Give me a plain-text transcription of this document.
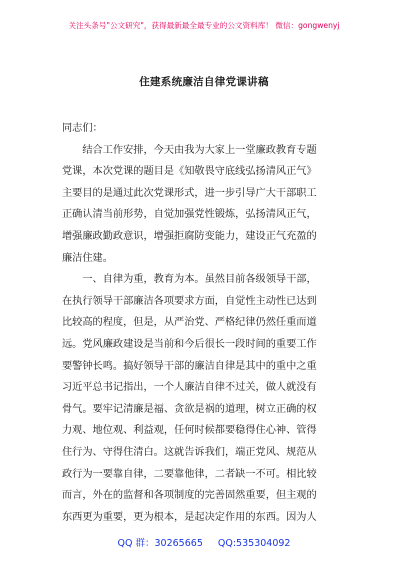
关注头条号"公文研究"，获得最新最全最专业的公文资料库！ 微信：gongwenyj
住建系统廉洁自律党课讲稿

同志们：

　　结合工作安排，今天由我为大家上一堂廉政教育专题

党课，本次党课的题目是《知敬畏守底线弘扬清风正气》

主要目的是通过此次党课形式，进一步引导广大干部职工

正确认清当前形势，自觉加强党性锻炼，弘扬清风正气，

增强廉政勤政意识，增强拒腐防变能力，建设正气充盈的

廉洁住建。

　　一、自律为重，教育为本。虽然目前各级领导干部，

在执行领导干部廉洁各项要求方面，自觉性主动性已达到

比较高的程度，但是，从严治党、严格纪律仍然任重而道

远。党风廉政建设是当前和今后很长一段时间的重要工作

要警钟长鸣。搞好领导干部的廉洁自律是其中的重中之重

习近平总书记指出，一个人廉洁自律不过关，做人就没有

骨气。要牢记清廉是福、贪欲是祸的道理，树立正确的权

力观、地位观、利益观，任何时候都要稳得住心神、管得

住行为、守得住清白。这就告诉我们，端正党风、规范从

政行为一要靠自律，二要靠他律，二者缺一不可。相比较

而言，外在的监督和各项制度的完善固然重要，但主观的

东西更为重要，更为根本，是起决定作用的东西。因为人

QQ 群：30265665 QQ:535304092
